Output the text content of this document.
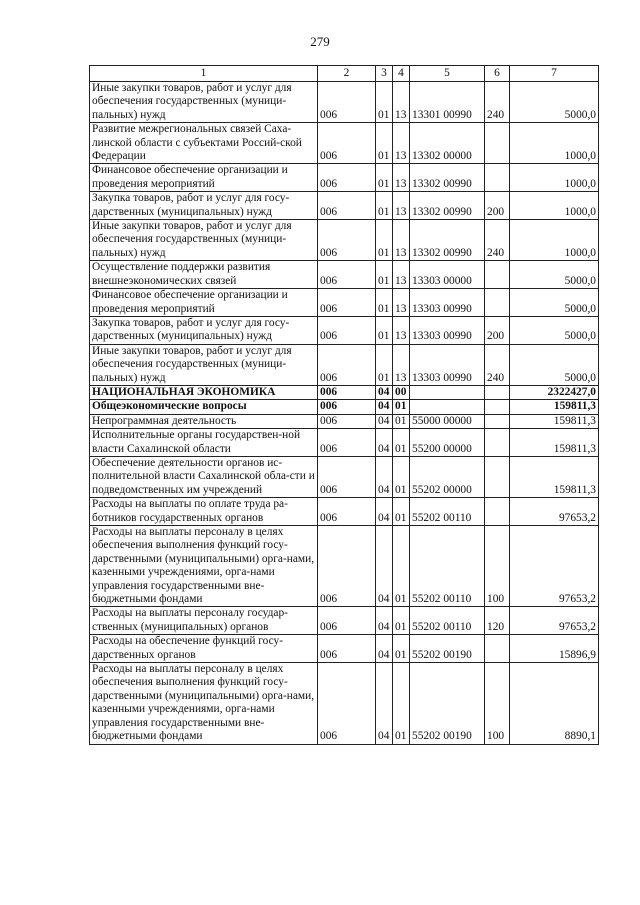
279
1	2	3	4	5	6	7
Иные закупки товаров, работ и услуг для обеспечения государственных (муници-пальных) нужд	006	01	13	13301 00990	240	5000,0
Развитие межрегиональных связей Саха-линской области с субъектами Россий-ской Федерации	006	01	13	13302 00000		1000,0
Финансовое обеспечение организации и проведения мероприятий	006	01	13	13302 00990		1000,0
Закупка товаров, работ и услуг для госу-дарственных (муниципальных) нужд	006	01	13	13302 00990	200	1000,0
Иные закупки товаров, работ и услуг для обеспечения государственных (муници-пальных) нужд	006	01	13	13302 00990	240	1000,0
Осуществление поддержки развития внешнеэкономических связей	006	01	13	13303 00000		5000,0
Финансовое обеспечение организации и проведения мероприятий	006	01	13	13303 00990		5000,0
Закупка товаров, работ и услуг для госу-дарственных (муниципальных) нужд	006	01	13	13303 00990	200	5000,0
Иные закупки товаров, работ и услуг для обеспечения государственных (муници-пальных) нужд	006	01	13	13303 00990	240	5000,0
НАЦИОНАЛЬНАЯ ЭКОНОМИКА	006	04	00			2322427,0
Общеэкономические вопросы	006	04	01			159811,3
Непрограммная деятельность	006	04	01	55000 00000		159811,3
Исполнительные органы государствен-ной власти Сахалинской области	006	04	01	55200 00000		159811,3
Обеспечение деятельности органов ис-полнительной власти Сахалинской обла-сти и подведомственных им учреждений	006	04	01	55202 00000		159811,3
Расходы на выплаты по оплате труда ра-ботников государственных органов	006	04	01	55202 00110		97653,2
Расходы на выплаты персоналу в целях обеспечения выполнения функций госу-дарственными (муниципальными) орга-нами, казенными учреждениями, орга-нами управления государственными вне-бюджетными фондами	006	04	01	55202 00110	100	97653,2
Расходы на выплаты персоналу государ-ственных (муниципальных) органов	006	04	01	55202 00110	120	97653,2
Расходы на обеспечение функций госу-дарственных органов	006	04	01	55202 00190		15896,9
Расходы на выплаты персоналу в целях обеспечения выполнения функций госу-дарственными (муниципальными) орга-нами, казенными учреждениями, орга-нами управления государственными вне-бюджетными фондами	006	04	01	55202 00190	100	8890,1
